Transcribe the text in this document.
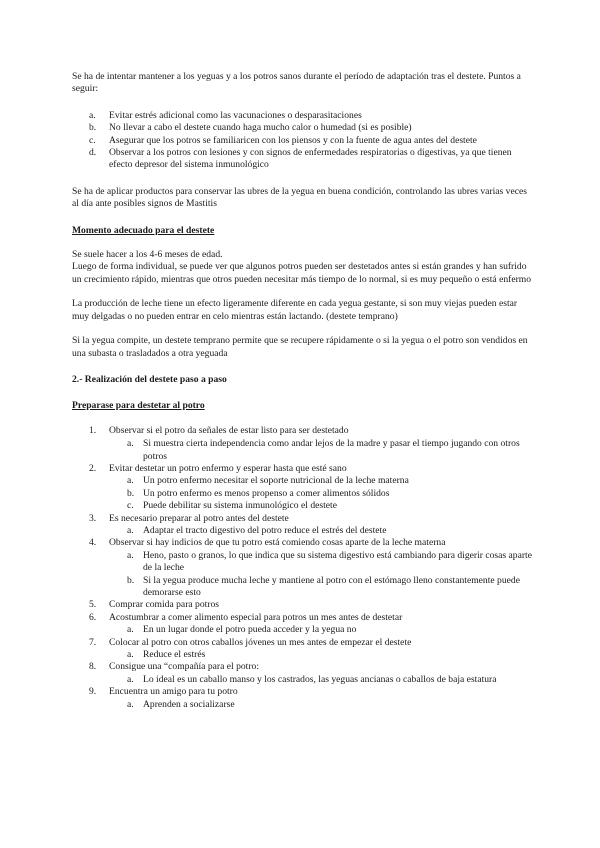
Se ha de intentar mantener a los yeguas y a los potros sanos durante el período de adaptación tras el destete. Puntos a seguir:

a. Evitar estrés adicional como las vacunaciones o desparasitaciones
b. No llevar a cabo el destete cuando haga mucho calor o humedad (si es posible)
c. Asegurar que los potros se familiaricen con los piensos y con la fuente de agua antes del destete
d. Observar a los potros con lesiones y con signos de enfermedades respiratorias o digestivas, ya que tienen efecto depresor del sistema inmunológico

Se ha de aplicar productos para conservar las ubres de la yegua en buena condición, controlando las ubres varias veces al día ante posibles signos de Mastitis

Momento adecuado para el destete

Se suele hacer a los 4-6 meses de edad.

Luego de forma individual, se puede ver que algunos potros pueden ser destetados antes si están grandes y han sufrido un crecimiento rápido, mientras que otros pueden necesitar más tiempo de lo normal, si es muy pequeño o está enfermo

La producción de leche tiene un efecto ligeramente diferente en cada yegua gestante, si son muy viejas pueden estar muy delgadas o no pueden entrar en celo mientras están lactando. (destete temprano)

Si la yegua compite, un destete temprano permite que se recupere rápidamente o si la yegua o el potro son vendidos en una subasta o trasladados a otra yeguada

2.- Realización del destete paso a paso

Preparase para destetar al potro

1. Observar si el potro da señales de estar listo para ser destetado
a. Si muestra cierta independencia como andar lejos de la madre y pasar el tiempo jugando con otros potros
2. Evitar destetar un potro enfermo y esperar hasta que esté sano
a. Un potro enfermo necesitar el soporte nutricional de la leche materna
b. Un potro enfermo es menos propenso a comer alimentos sólidos
c. Puede debilitar su sistema inmunológico el destete
3. Es necesario preparar al potro antes del destete
a. Adaptar el tracto digestivo del potro reduce el estrés del destete
4. Observar si hay indicios de que tu potro está comiendo cosas aparte de la leche materna
a. Heno, pasto o granos, lo que indica que su sistema digestivo está cambiando para digerir cosas aparte de la leche
b. Si la yegua produce mucha leche y mantiene al potro con el estómago lleno constantemente puede demorarse esto
5. Comprar comida para potros
6. Acostumbrar a comer alimento especial para potros un mes antes de destetar
a. En un lugar donde el potro pueda acceder y la yegua no
7. Colocar al potro con otros caballos jóvenes un mes antes de empezar el destete
a. Reduce el estrés
8. Consigue una “compañía para el potro:
a. Lo ideal es un caballo manso y los castrados, las yeguas ancianas o caballos de baja estatura
9. Encuentra un amigo para tu potro
a. Aprenden a socializarse
